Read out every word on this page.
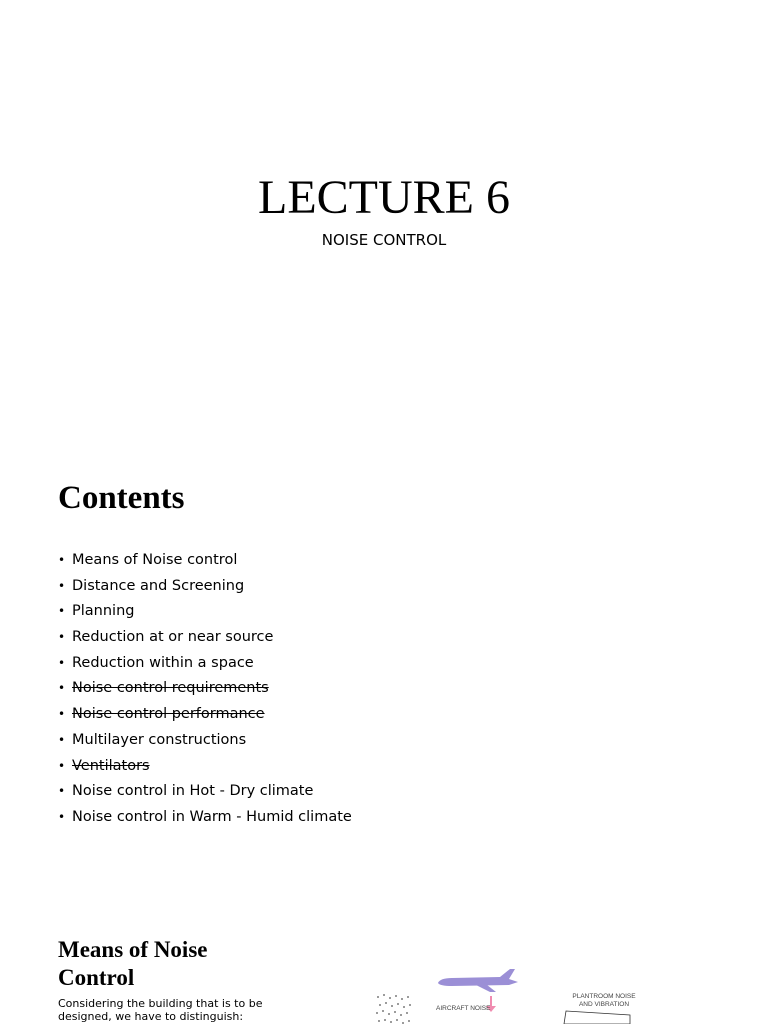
LECTURE 6
NOISE CONTROL
Contents
• Means of Noise control
• Distance and Screening
• Planning
• Reduction at or near source
• Reduction within a space
• Noise control requirements
• Noise control performance
• Multilayer constructions
• Ventilators
• Noise control in Hot - Dry climate
• Noise control in Warm - Humid climate
Means of Noise Control
Considering the building that is to be designed, we have to distinguish:
AIRCRAFT NOISE
PLANTROOM NOISE
AND VIBRATION
